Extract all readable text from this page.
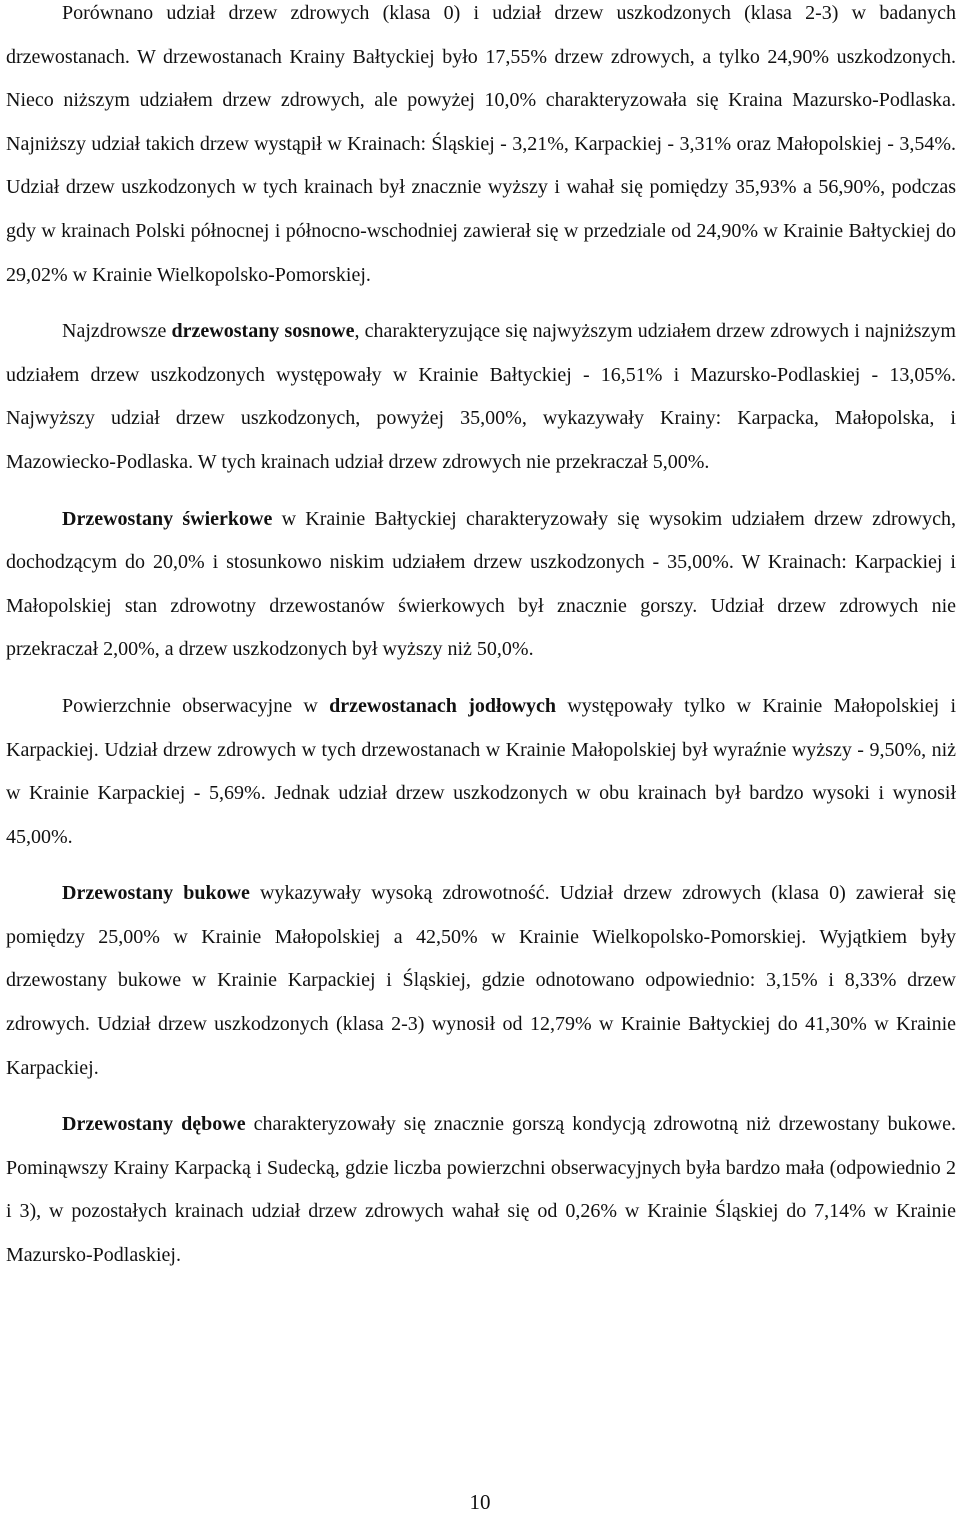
Porównano udział drzew zdrowych (klasa 0) i udział drzew uszkodzonych (klasa 2-3) w badanych drzewostanach. W drzewostanach Krainy Bałtyckiej było 17,55% drzew zdrowych, a tylko 24,90% uszkodzonych. Nieco niższym udziałem drzew zdrowych, ale powyżej 10,0% charakteryzowała się Kraina Mazursko-Podlaska. Najniższy udział takich drzew wystąpił w Krainach: Śląskiej - 3,21%, Karpackiej - 3,31% oraz Małopolskiej - 3,54%. Udział drzew uszkodzonych w tych krainach był znacznie wyższy i wahał się pomiędzy 35,93% a 56,90%, podczas gdy w krainach Polski północnej i północno-wschodniej zawierał się w przedziale od 24,90% w Krainie Bałtyckiej do 29,02% w Krainie Wielkopolsko-Pomorskiej.

Najzdrowsze drzewostany sosnowe, charakteryzujące się najwyższym udziałem drzew zdrowych i najniższym udziałem drzew uszkodzonych występowały w Krainie Bałtyckiej - 16,51% i Mazursko-Podlaskiej - 13,05%. Najwyższy udział drzew uszkodzonych, powyżej 35,00%, wykazywały Krainy: Karpacka, Małopolska, i Mazowiecko-Podlaska. W tych krainach udział drzew zdrowych nie przekraczał 5,00%.

Drzewostany świerkowe w Krainie Bałtyckiej charakteryzowały się wysokim udziałem drzew zdrowych, dochodzącym do 20,0% i stosunkowo niskim udziałem drzew uszkodzonych - 35,00%. W Krainach: Karpackiej i Małopolskiej stan zdrowotny drzewostanów świerkowych był znacznie gorszy. Udział drzew zdrowych nie przekraczał 2,00%, a drzew uszkodzonych był wyższy niż 50,0%.

Powierzchnie obserwacyjne w drzewostanach jodłowych występowały tylko w Krainie Małopolskiej i Karpackiej. Udział drzew zdrowych w tych drzewostanach w Krainie Małopolskiej był wyraźnie wyższy - 9,50%, niż w Krainie Karpackiej - 5,69%. Jednak udział drzew uszkodzonych w obu krainach był bardzo wysoki i wynosił 45,00%.

Drzewostany bukowe wykazywały wysoką zdrowotność. Udział drzew zdrowych (klasa 0) zawierał się pomiędzy 25,00% w Krainie Małopolskiej a 42,50% w Krainie Wielkopolsko-Pomorskiej. Wyjątkiem były drzewostany bukowe w Krainie Karpackiej i Śląskiej, gdzie odnotowano odpowiednio: 3,15% i 8,33% drzew zdrowych. Udział drzew uszkodzonych (klasa 2-3) wynosił od 12,79% w Krainie Bałtyckiej do 41,30% w Krainie Karpackiej.

Drzewostany dębowe charakteryzowały się znacznie gorszą kondycją zdrowotną niż drzewostany bukowe. Pominąwszy Krainy Karpacką i Sudecką, gdzie liczba powierzchni obserwacyjnych była bardzo mała (odpowiednio 2 i 3), w pozostałych krainach udział drzew zdrowych wahał się od 0,26% w Krainie Śląskiej do 7,14% w Krainie Mazursko-Podlaskiej.

10
